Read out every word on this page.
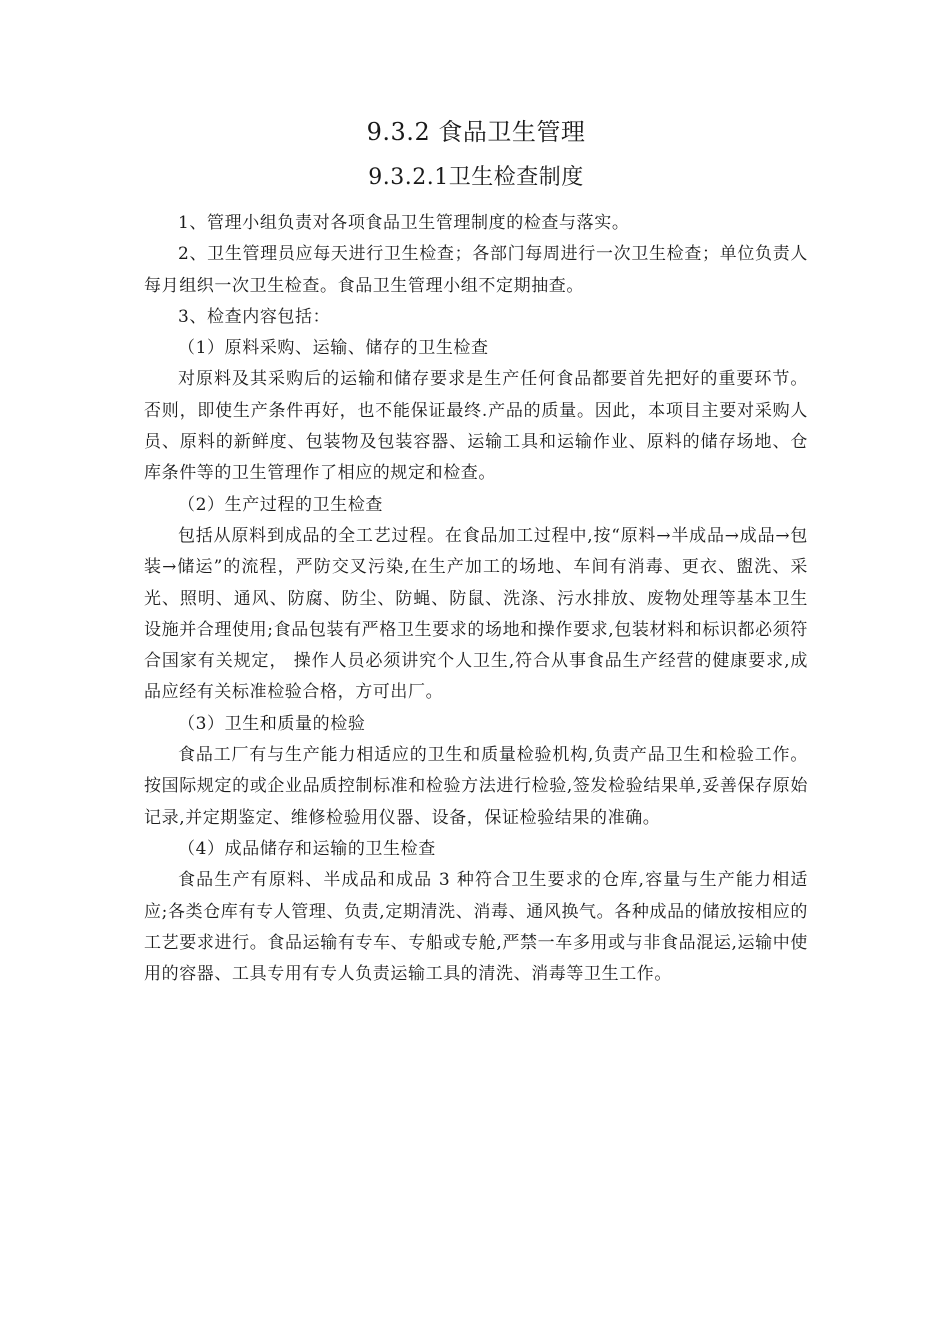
9.3.2 食品卫生管理
9.3.2.1卫生检查制度

1、管理小组负责对各项食品卫生管理制度的检查与落实。

2、卫生管理员应每天进行卫生检查；各部门每周进行一次卫生检查；单位负责人每月组织一次卫生检查。食品卫生管理小组不定期抽查。

3、检查内容包括：

（1）原料采购、运输、储存的卫生检查

对原料及其采购后的运输和储存要求是生产任何食品都要首先把好的重要环节。否则，即使生产条件再好，也不能保证最终.产品的质量。因此，本项目主要对采购人员、原料的新鲜度、包装物及包装容器、运输工具和运输作业、原料的储存场地、仓库条件等的卫生管理作了相应的规定和检查。

（2）生产过程的卫生检查

包括从原料到成品的全工艺过程。在食品加工过程中,按“原料→半成品→成品→包装→储运”的流程，严防交叉污染,在生产加工的场地、车间有消毒、更衣、盥洗、采光、照明、通风、防腐、防尘、防蝇、防鼠、洗涤、污水排放、废物处理等基本卫生设施并合理使用;食品包装有严格卫生要求的场地和操作要求,包装材料和标识都必须符合国家有关规定， 操作人员必须讲究个人卫生,符合从事食品生产经营的健康要求,成品应经有关标准检验合格，方可出厂。

（3）卫生和质量的检验

食品工厂有与生产能力相适应的卫生和质量检验机构,负责产品卫生和检验工作。按国际规定的或企业品质控制标准和检验方法进行检验,签发检验结果单,妥善保存原始记录,并定期鉴定、维修检验用仪器、设备，保证检验结果的准确。

（4）成品储存和运输的卫生检查

食品生产有原料、半成品和成品 3 种符合卫生要求的仓库,容量与生产能力相适应;各类仓库有专人管理、负责,定期清洗、消毒、通风换气。各种成品的储放按相应的工艺要求进行。食品运输有专车、专船或专舱,严禁一车多用或与非食品混运,运输中使用的容器、工具专用有专人负责运输工具的清洗、消毒等卫生工作。
